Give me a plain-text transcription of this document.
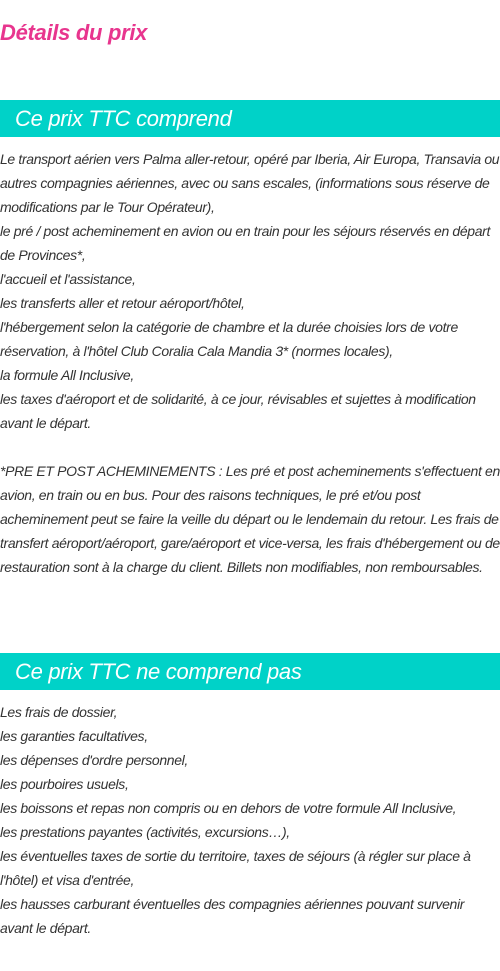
Détails du prix
Ce prix TTC comprend

Le transport aérien vers Palma aller-retour, opéré par Iberia, Air Europa, Transavia ou autres compagnies aériennes, avec ou sans escales, (informations sous réserve de modifications par le Tour Opérateur),

le pré / post acheminement en avion ou en train pour les séjours réservés en départ de Provinces*,

l'accueil et l'assistance,

les transferts aller et retour aéroport/hôtel,

l'hébergement selon la catégorie de chambre et la durée choisies lors de votre réservation, à l'hôtel Club Coralia Cala Mandia 3* (normes locales),

la formule All Inclusive,

les taxes d'aéroport et de solidarité, à ce jour, révisables et sujettes à modification avant le départ.

*PRE ET POST ACHEMINEMENTS : Les pré et post acheminements s'effectuent en avion, en train ou en bus. Pour des raisons techniques, le pré et/ou post acheminement peut se faire la veille du départ ou le lendemain du retour. Les frais de transfert aéroport/aéroport, gare/aéroport et vice-versa, les frais d'hébergement ou de restauration sont à la charge du client. Billets non modifiables, non remboursables.

Ce prix TTC ne comprend pas

Les frais de dossier,

les garanties facultatives,

les dépenses d'ordre personnel,

les pourboires usuels,

les boissons et repas non compris ou en dehors de votre formule All Inclusive,

les prestations payantes (activités, excursions…),

les éventuelles taxes de sortie du territoire, taxes de séjours (à régler sur place à l'hôtel) et visa d'entrée,

les hausses carburant éventuelles des compagnies aériennes pouvant survenir avant le départ.
